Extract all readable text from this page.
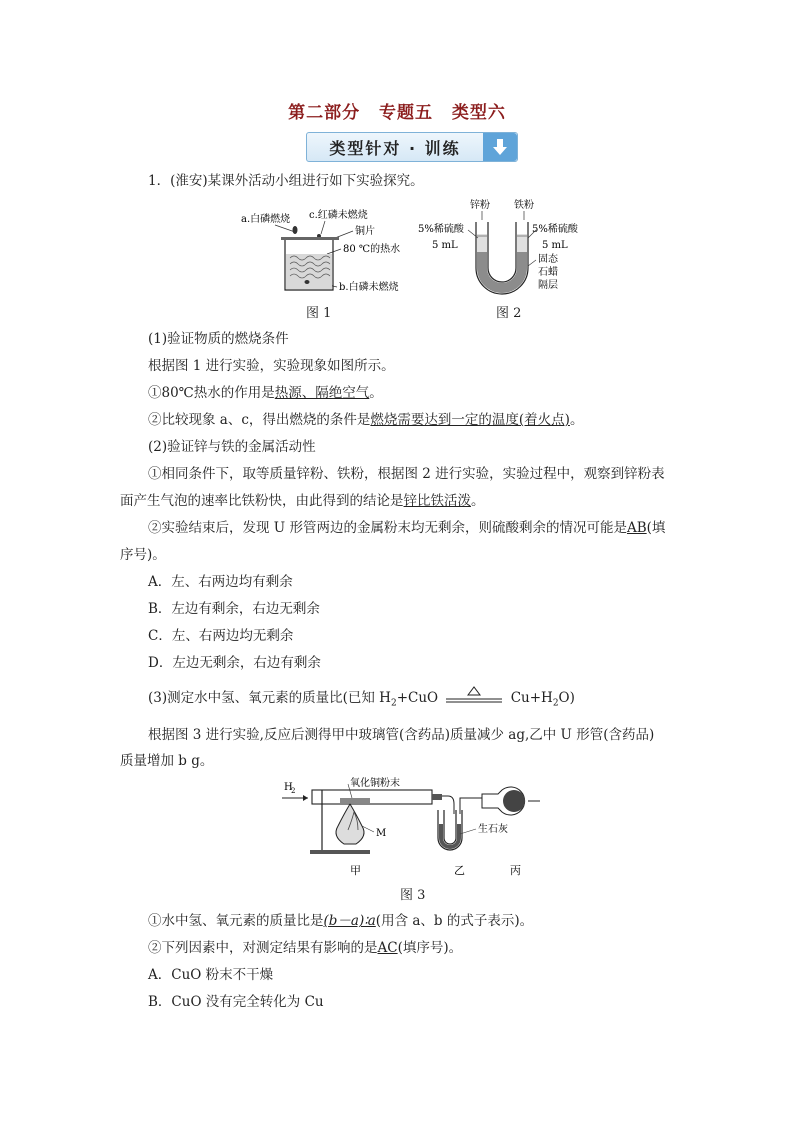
第二部分 专题五 类型六
类型针对 · 训练
1．(淮安)某课外活动小组进行如下实验探究。
a.白磷燃烧 c.红磷未燃烧
铜片
80 ℃的热水
b.白磷未燃烧
图 1
锌粉 铁粉
5%稀硫酸
5 mL
5%稀硫酸
5 mL
固态
石蜡
隔层
图 2
(1)验证物质的燃烧条件
根据图 1 进行实验，实验现象如图所示。
①80℃热水的作用是热源、隔绝空气。
②比较现象 a、c，得出燃烧的条件是燃烧需要达到一定的温度(着火点)。
(2)验证锌与铁的金属活动性
①相同条件下，取等质量锌粉、铁粉，根据图 2 进行实验，实验过程中，观察到锌粉表
面产生气泡的速率比铁粉快，由此得到的结论是锌比铁活泼。
②实验结束后，发现 U 形管两边的金属粉末均无剩余，则硫酸剩余的情况可能是AB(填
序号)。
A．左、右两边均有剩余
B．左边有剩余，右边无剩余
C．左、右两边均无剩余
D．左边无剩余，右边有剩余
(3)测定水中氢、氧元素的质量比(已知 $H_2+CuO$	$Cu+H_2O$)
根据图 3 进行实验,反应后测得甲中玻璃管(含药品)质量减少 ag,乙中 U 形管(含药品)
质量增加 b g。
H
2
氧化铜粉末
M	生石灰
甲	乙	丙
图 3
①水中氢、氧元素的质量比是(b－a)∶a(用含 a、b 的式子表示)。
②下列因素中，对测定结果有影响的是AC(填序号)。
A．CuO 粉末不干燥
B．CuO 没有完全转化为 Cu
